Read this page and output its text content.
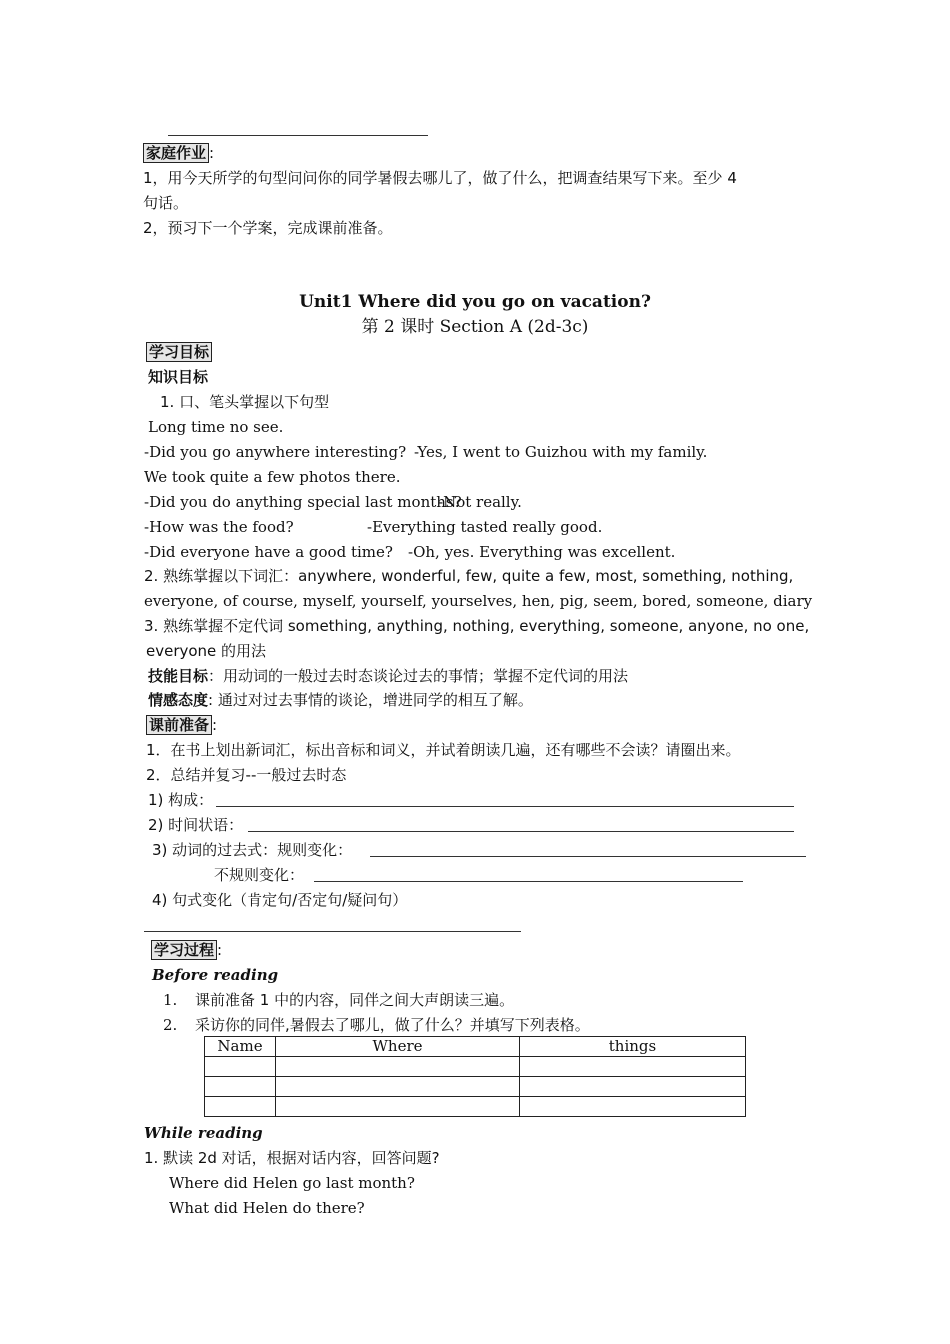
家庭作业 :
1，用今天所学的句型问问你的同学暑假去哪儿了，做了什么，把调查结果写下来。至少 4
句话。
2，预习下一个学案，完成课前准备。
Unit1 Where did you go on vacation?
第 2 课时 Section A (2d-3c)
学习目标
知识目标
1. 口、笔头掌握以下句型
Long time no see.
-Did you go anywhere interesting? -Yes, I went to Guizhou with my family.
We took quite a few photos there.
-Did you do anything special last months?
-Not really.
-How was the food?	-Everything tasted really good.
-Did everyone have a good time? -Oh, yes. Everything was excellent.
2. 熟练掌握以下词汇：anywhere, wonderful, few, quite a few, most, something, nothing,
everyone, of course, myself, yourself, yourselves, hen, pig, seem, bored, someone, diary
3. 熟练掌握不定代词 something, anything, nothing, everything, someone, anyone, no one,
everyone 的用法
技能目标：用动词的一般过去时态谈论过去的事情；掌握不定代词的用法
情感态度: 通过对过去事情的谈论，增进同学的相互了解。
课前准备 :
1．在书上划出新词汇，标出音标和词义，并试着朗读几遍，还有哪些不会读？请圈出来。
2．总结并复习--一般过去时态
1) 构成：
2) 时间状语：
3) 动词的过去式：规则变化：
不规则变化：
4) 句式变化（肯定句/否定句/疑问句）
学习过程 :
Before reading
1. 课前准备 1 中的内容，同伴之间大声朗读三遍。
2. 采访你的同伴,暑假去了哪儿，做了什么？并填写下列表格。
Name	Where	things

While reading
1. 默读 2d 对话，根据对话内容，回答问题?
Where did Helen go last month?
What did Helen do there?
